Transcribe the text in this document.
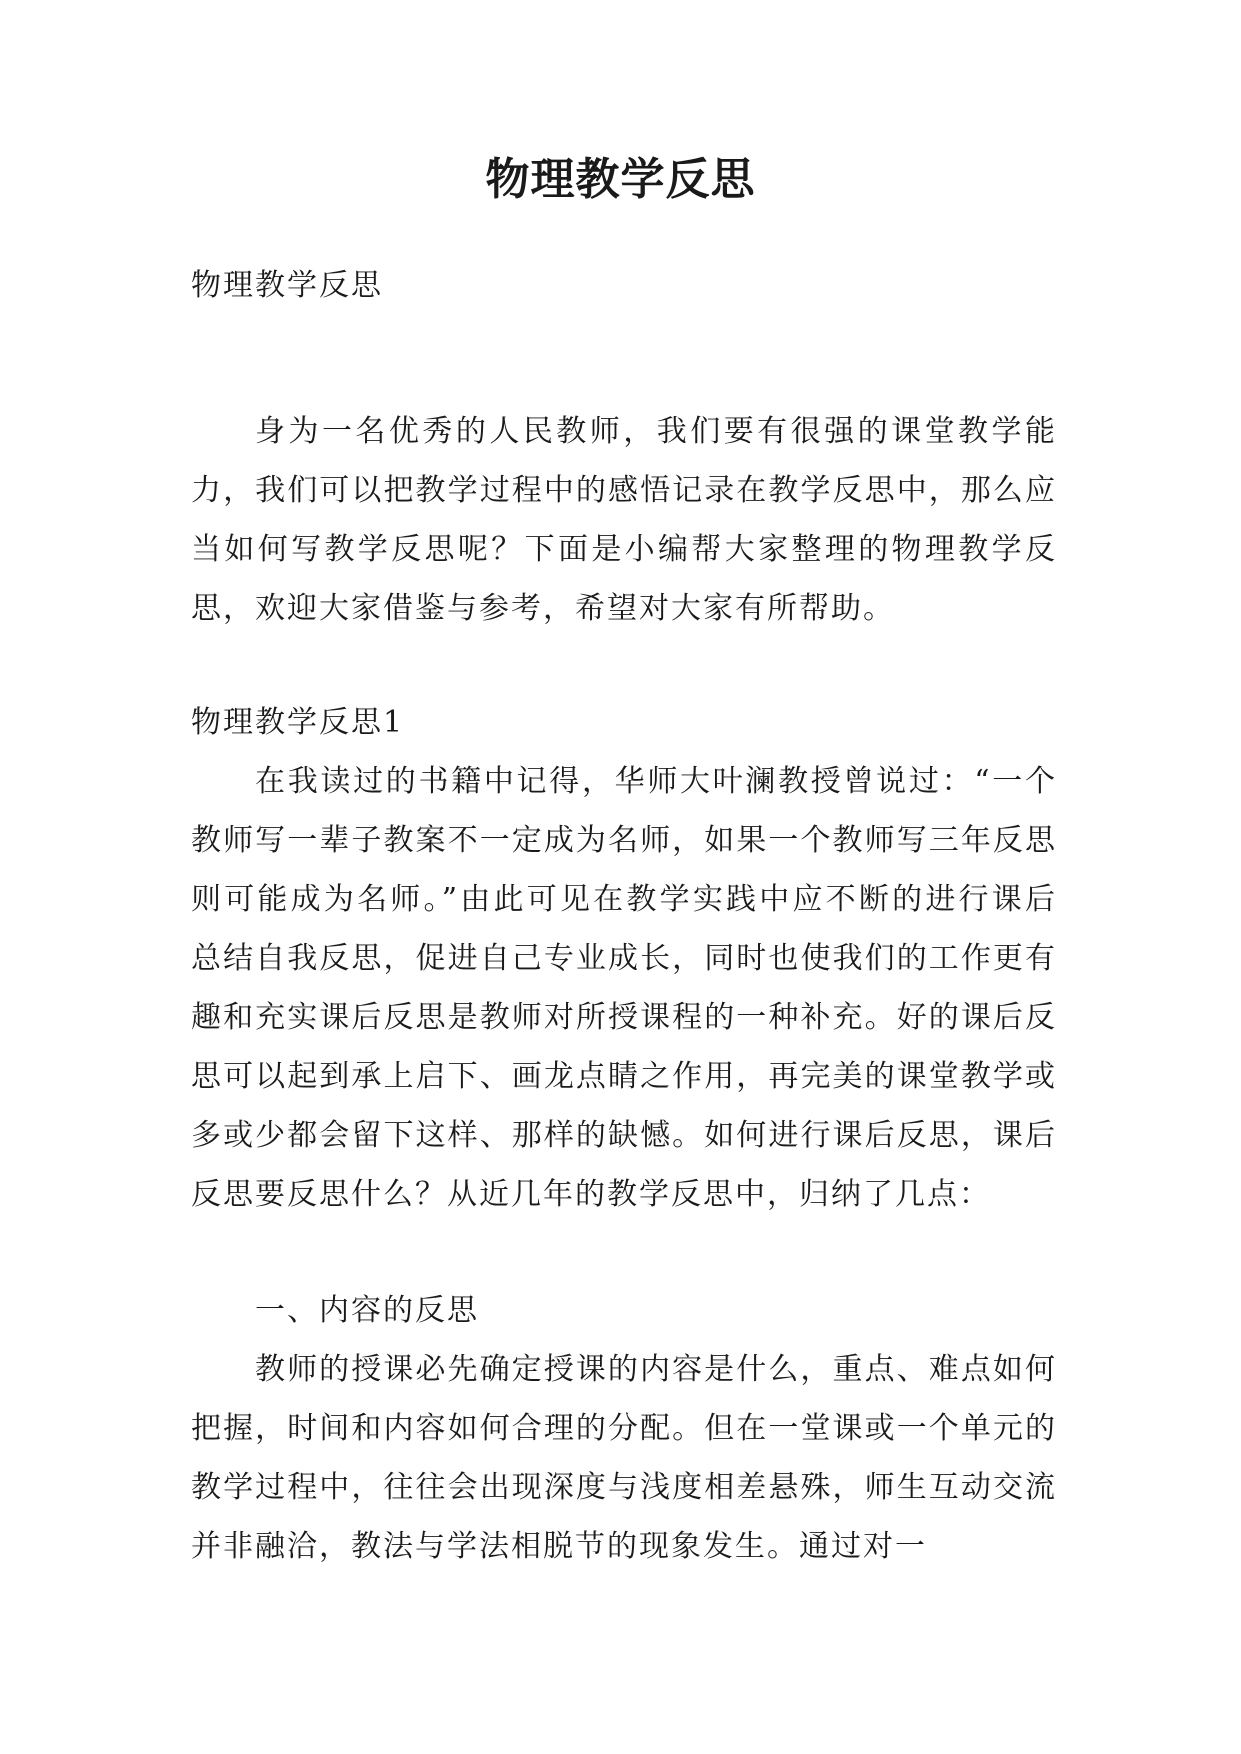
物理教学反思

物理教学反思

身为一名优秀的人民教师，我们要有很强的课堂教学能力，我们可以把教学过程中的感悟记录在教学反思中，那么应当如何写教学反思呢？下面是小编帮大家整理的物理教学反思，欢迎大家借鉴与参考，希望对大家有所帮助。

物理教学反思1

在我读过的书籍中记得，华师大叶澜教授曾说过：“一个教师写一辈子教案不一定成为名师，如果一个教师写三年反思则可能成为名师。”由此可见在教学实践中应不断的进行课后总结自我反思，促进自己专业成长，同时也使我们的工作更有趣和充实课后反思是教师对所授课程的一种补充。好的课后反思可以起到承上启下、画龙点睛之作用，再完美的课堂教学或多或少都会留下这样、那样的缺憾。如何进行课后反思，课后反思要反思什么？从近几年的教学反思中，归纳了几点：

一、内容的反思

教师的授课必先确定授课的内容是什么，重点、难点如何把握，时间和内容如何合理的分配。但在一堂课或一个单元的教学过程中，往往会出现深度与浅度相差悬殊，师生互动交流并非融洽，教法与学法相脱节的现象发生。通过对一
